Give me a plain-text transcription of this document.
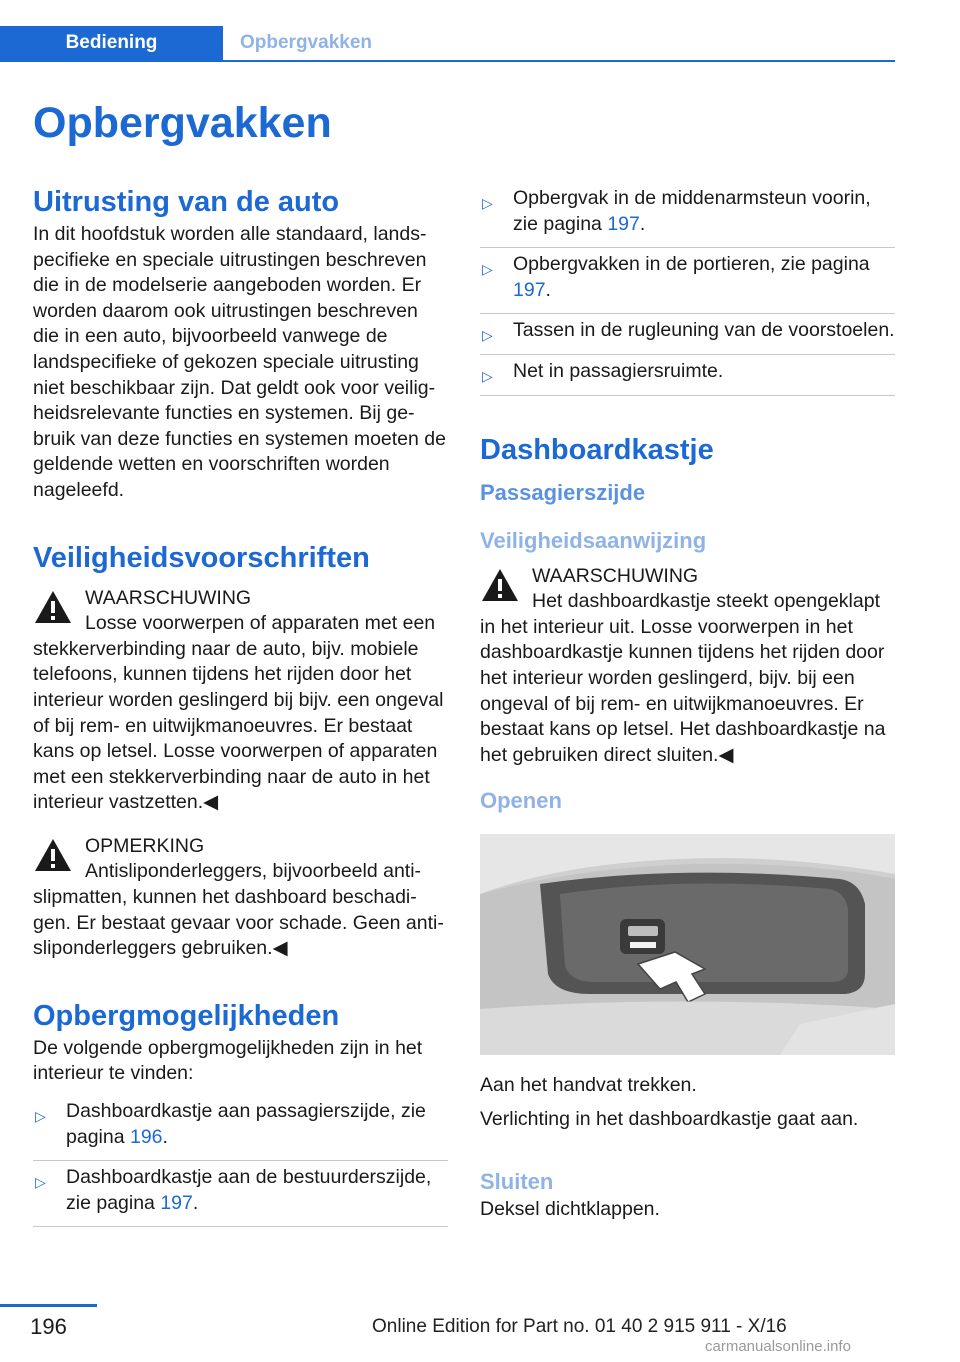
Bediening	Opbergvakken
Opbergvakken
Uitrusting van de auto

In dit hoofdstuk worden alle standaard, landspecifieke en speciale uitrustingen beschreven die in de modelserie aangeboden worden. Er worden daarom ook uitrustingen beschreven die in een auto, bijvoorbeeld vanwege de landspecifieke of gekozen speciale uitrusting niet beschikbaar zijn. Dat geldt ook voor veiligheidsrelevante functies en systemen. Bij gebruik van deze functies en systemen moeten de geldende wetten en voorschriften worden nageleefd.

Veiligheidsvoorschriften
WAARSCHUWING
Losse voorwerpen of apparaten met een stekkerverbinding naar de auto, bijv. mobiele telefoons, kunnen tijdens het rijden door het interieur worden geslingerd bij bijv. een ongeval of bij rem- en uitwijkmanoeuvres. Er bestaat kans op letsel. Losse voorwerpen of apparaten met een stekkerverbinding naar de auto in het interieur vastzetten.◀
OPMERKING
Antisliponderleggers, bijvoorbeeld antislipmatten, kunnen het dashboard beschadigen. Er bestaat gevaar voor schade. Geen antisliponderleggers gebruiken.◀
Opbergmogelijkheden

De volgende opbergmogelijkheden zijn in het interieur te vinden:

▷ Dashboardkastje aan passagierszijde, zie pagina 196.
▷ Dashboardkastje aan de bestuurderszijde, zie pagina 197.
▷ Opbergvak in de middenarmsteun voorin, zie pagina 197.
▷ Opbergvakken in de portieren, zie pagina 197.
▷ Tassen in de rugleuning van de voorstoelen.
▷ Net in passagiersruimte.
Dashboardkastje
Passagierszijde
Veiligheidsaanwijzing
WAARSCHUWING
Het dashboardkastje steekt opengeklapt in het interieur uit. Losse voorwerpen in het dashboardkastje kunnen tijdens het rijden door het interieur worden geslingerd, bijv. bij een ongeval of bij rem- en uitwijkmanoeuvres. Er bestaat kans op letsel. Het dashboardkastje na het gebruiken direct sluiten.◀
Openen

Aan het handvat trekken.

Verlichting in het dashboardkastje gaat aan.

Sluiten

Deksel dichtklappen.

196	Online Edition for Part no. 01 40 2 915 911 - X/16
carmanualsonline.info
